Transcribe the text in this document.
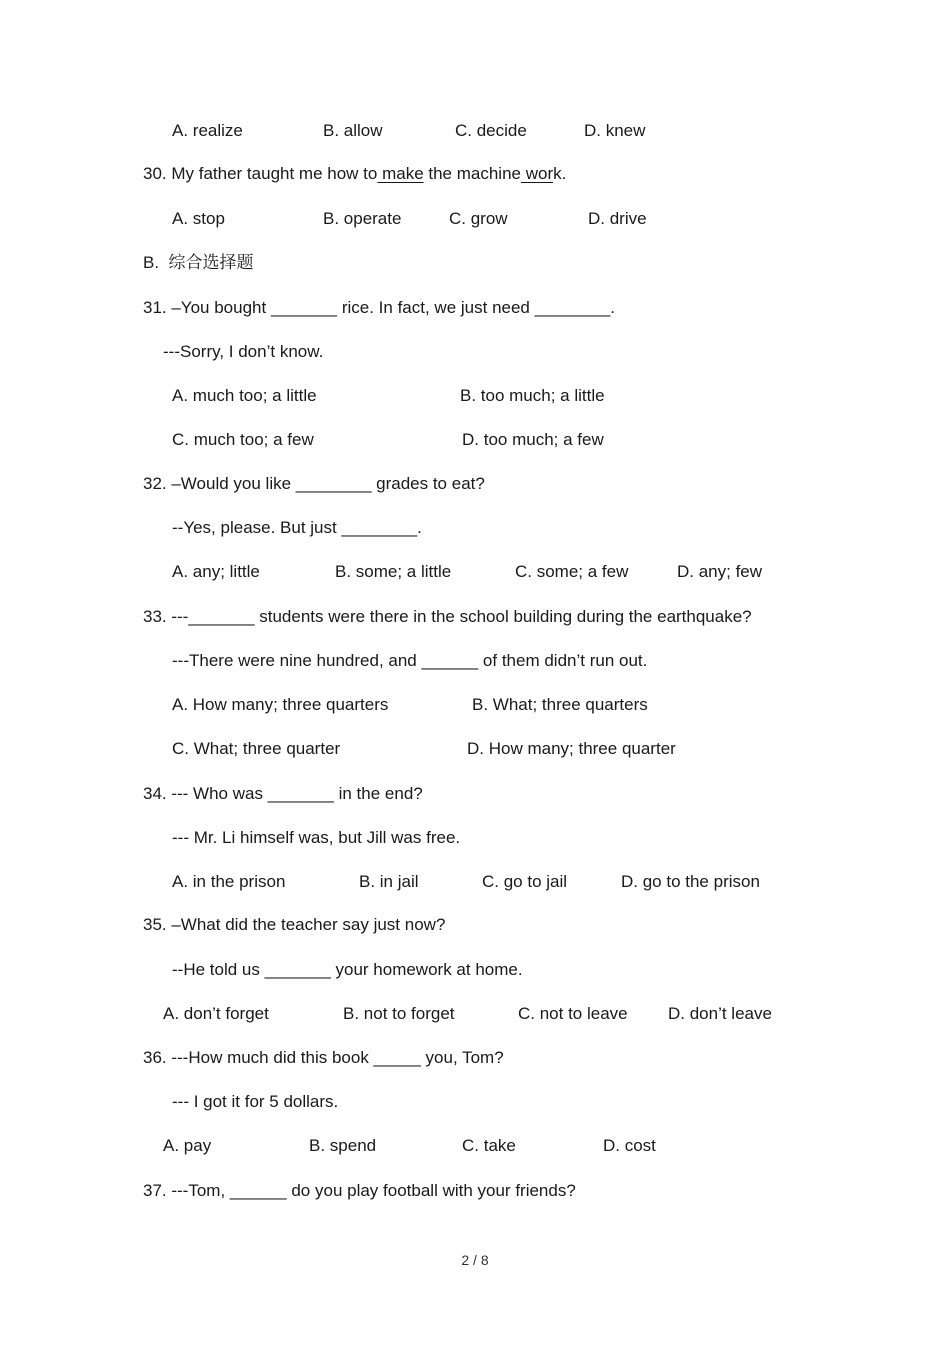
A. realize	B. allow	C. decide	D. knew
30. My father taught me how to make the machine work.
A. stop	B. operate	C. grow	D. drive
B.  综合选择题
31. –You bought _______ rice. In fact, we just need ________.
---Sorry, I don’t know.
A. much too; a little	B. too much; a little
C. much too; a few	D. too much; a few
32. –Would you like ________ grades to eat?
--Yes, please. But just ________.
A. any; little	B. some; a little	C. some; a few	D. any; few
33. ---_______ students were there in the school building during the earthquake?
---There were nine hundred, and ______ of them didn’t run out.
A. How many; three quarters	B. What; three quarters
C. What; three quarter	D. How many; three quarter
34. --- Who was _______ in the end?
--- Mr. Li himself was, but Jill was free.
A. in the prison	B. in jail	C. go to jail	D. go to the prison
35. –What did the teacher say just now?
--He told us _______ your homework at home.
A. don’t forget	B. not to forget	C. not to leave D. don’t leave
36. ---How much did this book _____ you, Tom?
--- I got it for 5 dollars.
A. pay	B. spend	C. take	D. cost
37. ---Tom, ______ do you play football with your friends?
2 / 8
